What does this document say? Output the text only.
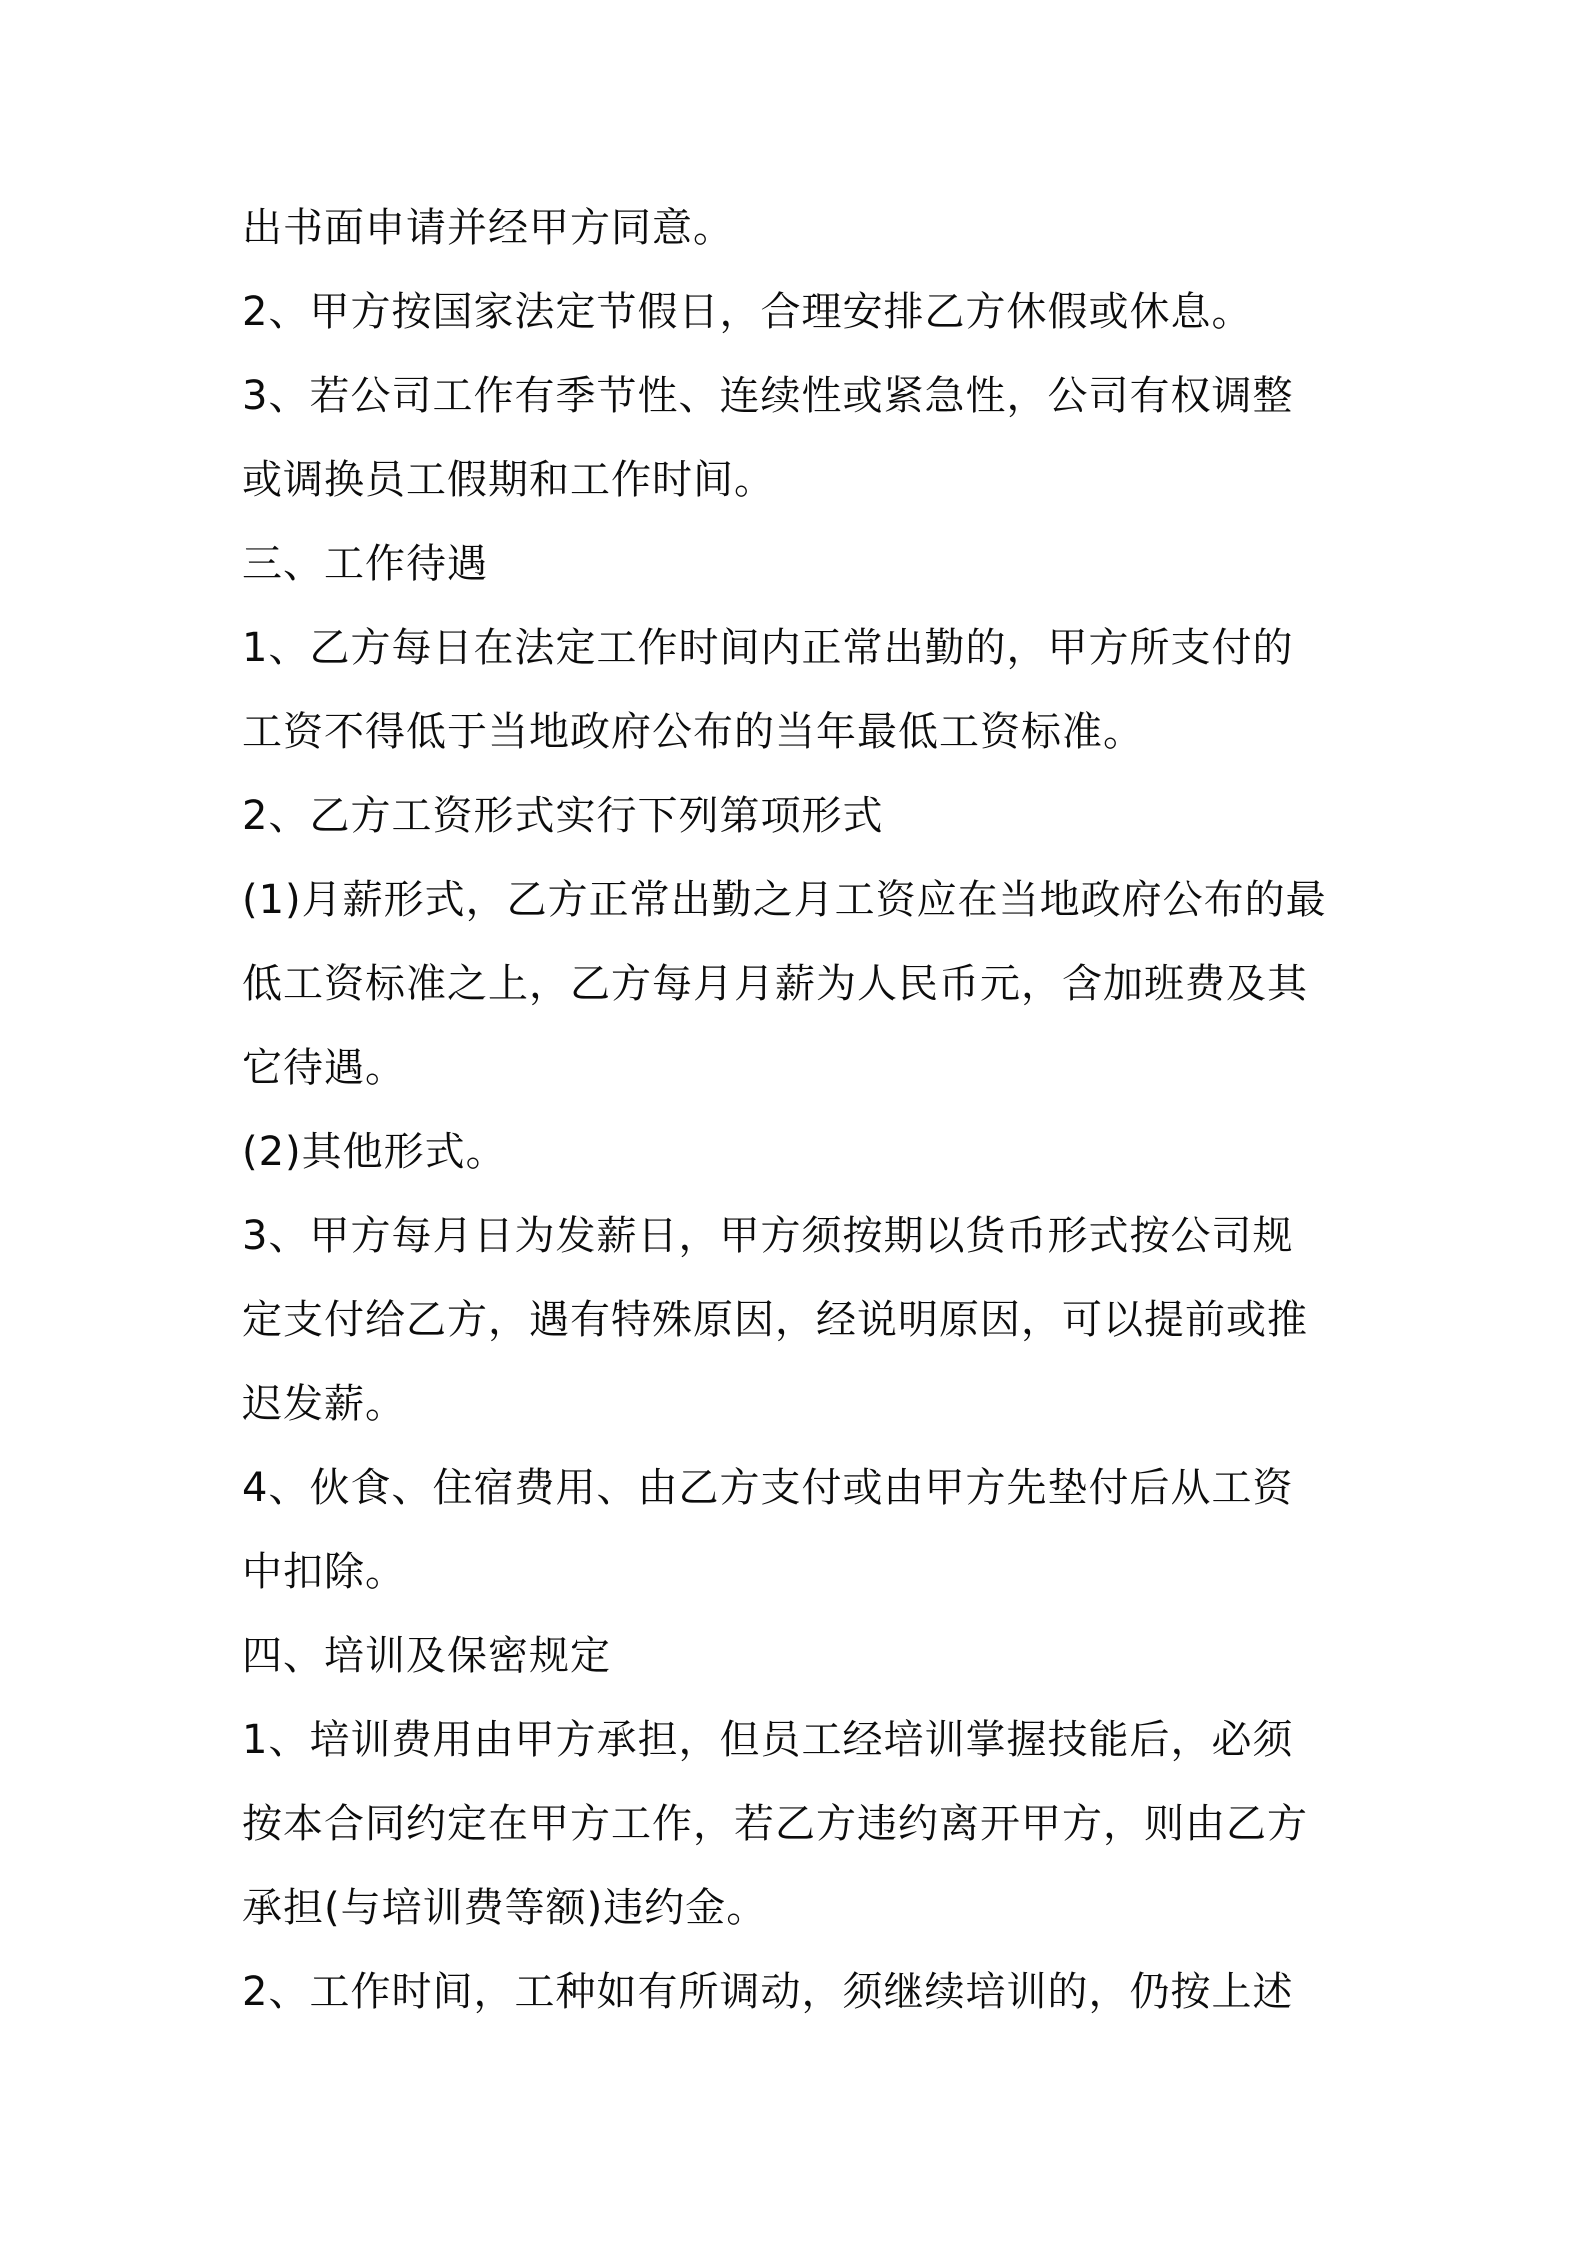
出书面申请并经甲方同意。
2、甲方按国家法定节假日，合理安排乙方休假或休息。
3、若公司工作有季节性、连续性或紧急性，公司有权调整
或调换员工假期和工作时间。
三、工作待遇
1、乙方每日在法定工作时间内正常出勤的，甲方所支付的
工资不得低于当地政府公布的当年最低工资标准。
2、乙方工资形式实行下列第项形式
(1)月薪形式，乙方正常出勤之月工资应在当地政府公布的最
低工资标准之上，乙方每月月薪为人民币元，含加班费及其
它待遇。
(2)其他形式。
3、甲方每月日为发薪日，甲方须按期以货币形式按公司规
定支付给乙方，遇有特殊原因，经说明原因，可以提前或推
迟发薪。
4、伙食、住宿费用、由乙方支付或由甲方先垫付后从工资
中扣除。
四、培训及保密规定
1、培训费用由甲方承担，但员工经培训掌握技能后，必须
按本合同约定在甲方工作，若乙方违约离开甲方，则由乙方
承担(与培训费等额)违约金。
2、工作时间，工种如有所调动，须继续培训的，仍按上述
